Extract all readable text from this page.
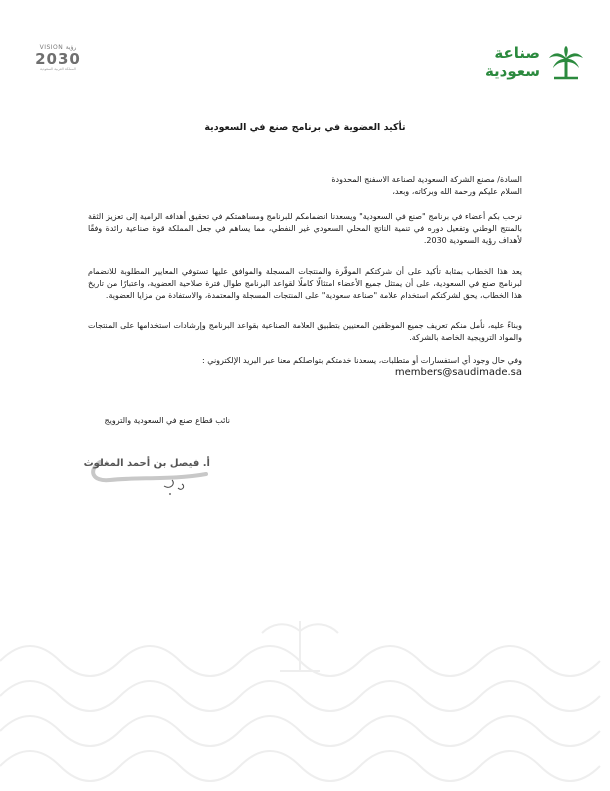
صناعة
سعودية
VISION رؤية
2030
المملكة العربية السعودية
تأكيد العضوية في برنامج صنع في السعودية
السادة/ مصنع الشركة السعودية لصناعة الاسفنج المحدودة
السلام عليكم ورحمة الله وبركاته، وبعد،
نرحب بكم أعضاء في برنامج "صنع في السعودية" ويسعدنا انضمامكم للبرنامج ومساهمتكم في تحقيق أهدافه الرامية إلى تعزيز الثقة بالمنتج الوطني وتفعيل دوره في تنمية الناتج المحلي السعودي غير النفطي، مما يساهم في جعل المملكة قوة صناعية رائدة وفقًا لأهداف رؤية السعودية 2030.
يعد هذا الخطاب بمثابة تأكيد على أن شركتكم الموقّرة والمنتجات المسجلة والموافق عليها تستوفي المعايير المطلوبة للانضمام لبرنامج صنع في السعودية، على أن يمتثل جميع الأعضاء امتثالًا كاملًا لقواعد البرنامج طوال فترة صلاحية العضوية، واعتبارًا من تاريخ هذا الخطاب، يحق لشركتكم استخدام علامة "صناعة سعودية" على المنتجات المسجلة والمعتمدة، والاستفادة من مزايا العضوية.
وبناءً عليه، نأمل منكم تعريف جميع الموظفين المعنيين بتطبيق العلامة الصناعية بقواعد البرنامج وإرشادات استخدامها على المنتجات والمواد الترويجية الخاصة بالشركة.
وفي حال وجود أي استفسارات أو متطلبات، يسعدنا خدمتكم بتواصلكم معنا عبر البريد الإلكتروني : members@saudimade.sa
نائب قطاع صنع في السعودية والترويج
أ. فيصل بن أحمد المغلوث
